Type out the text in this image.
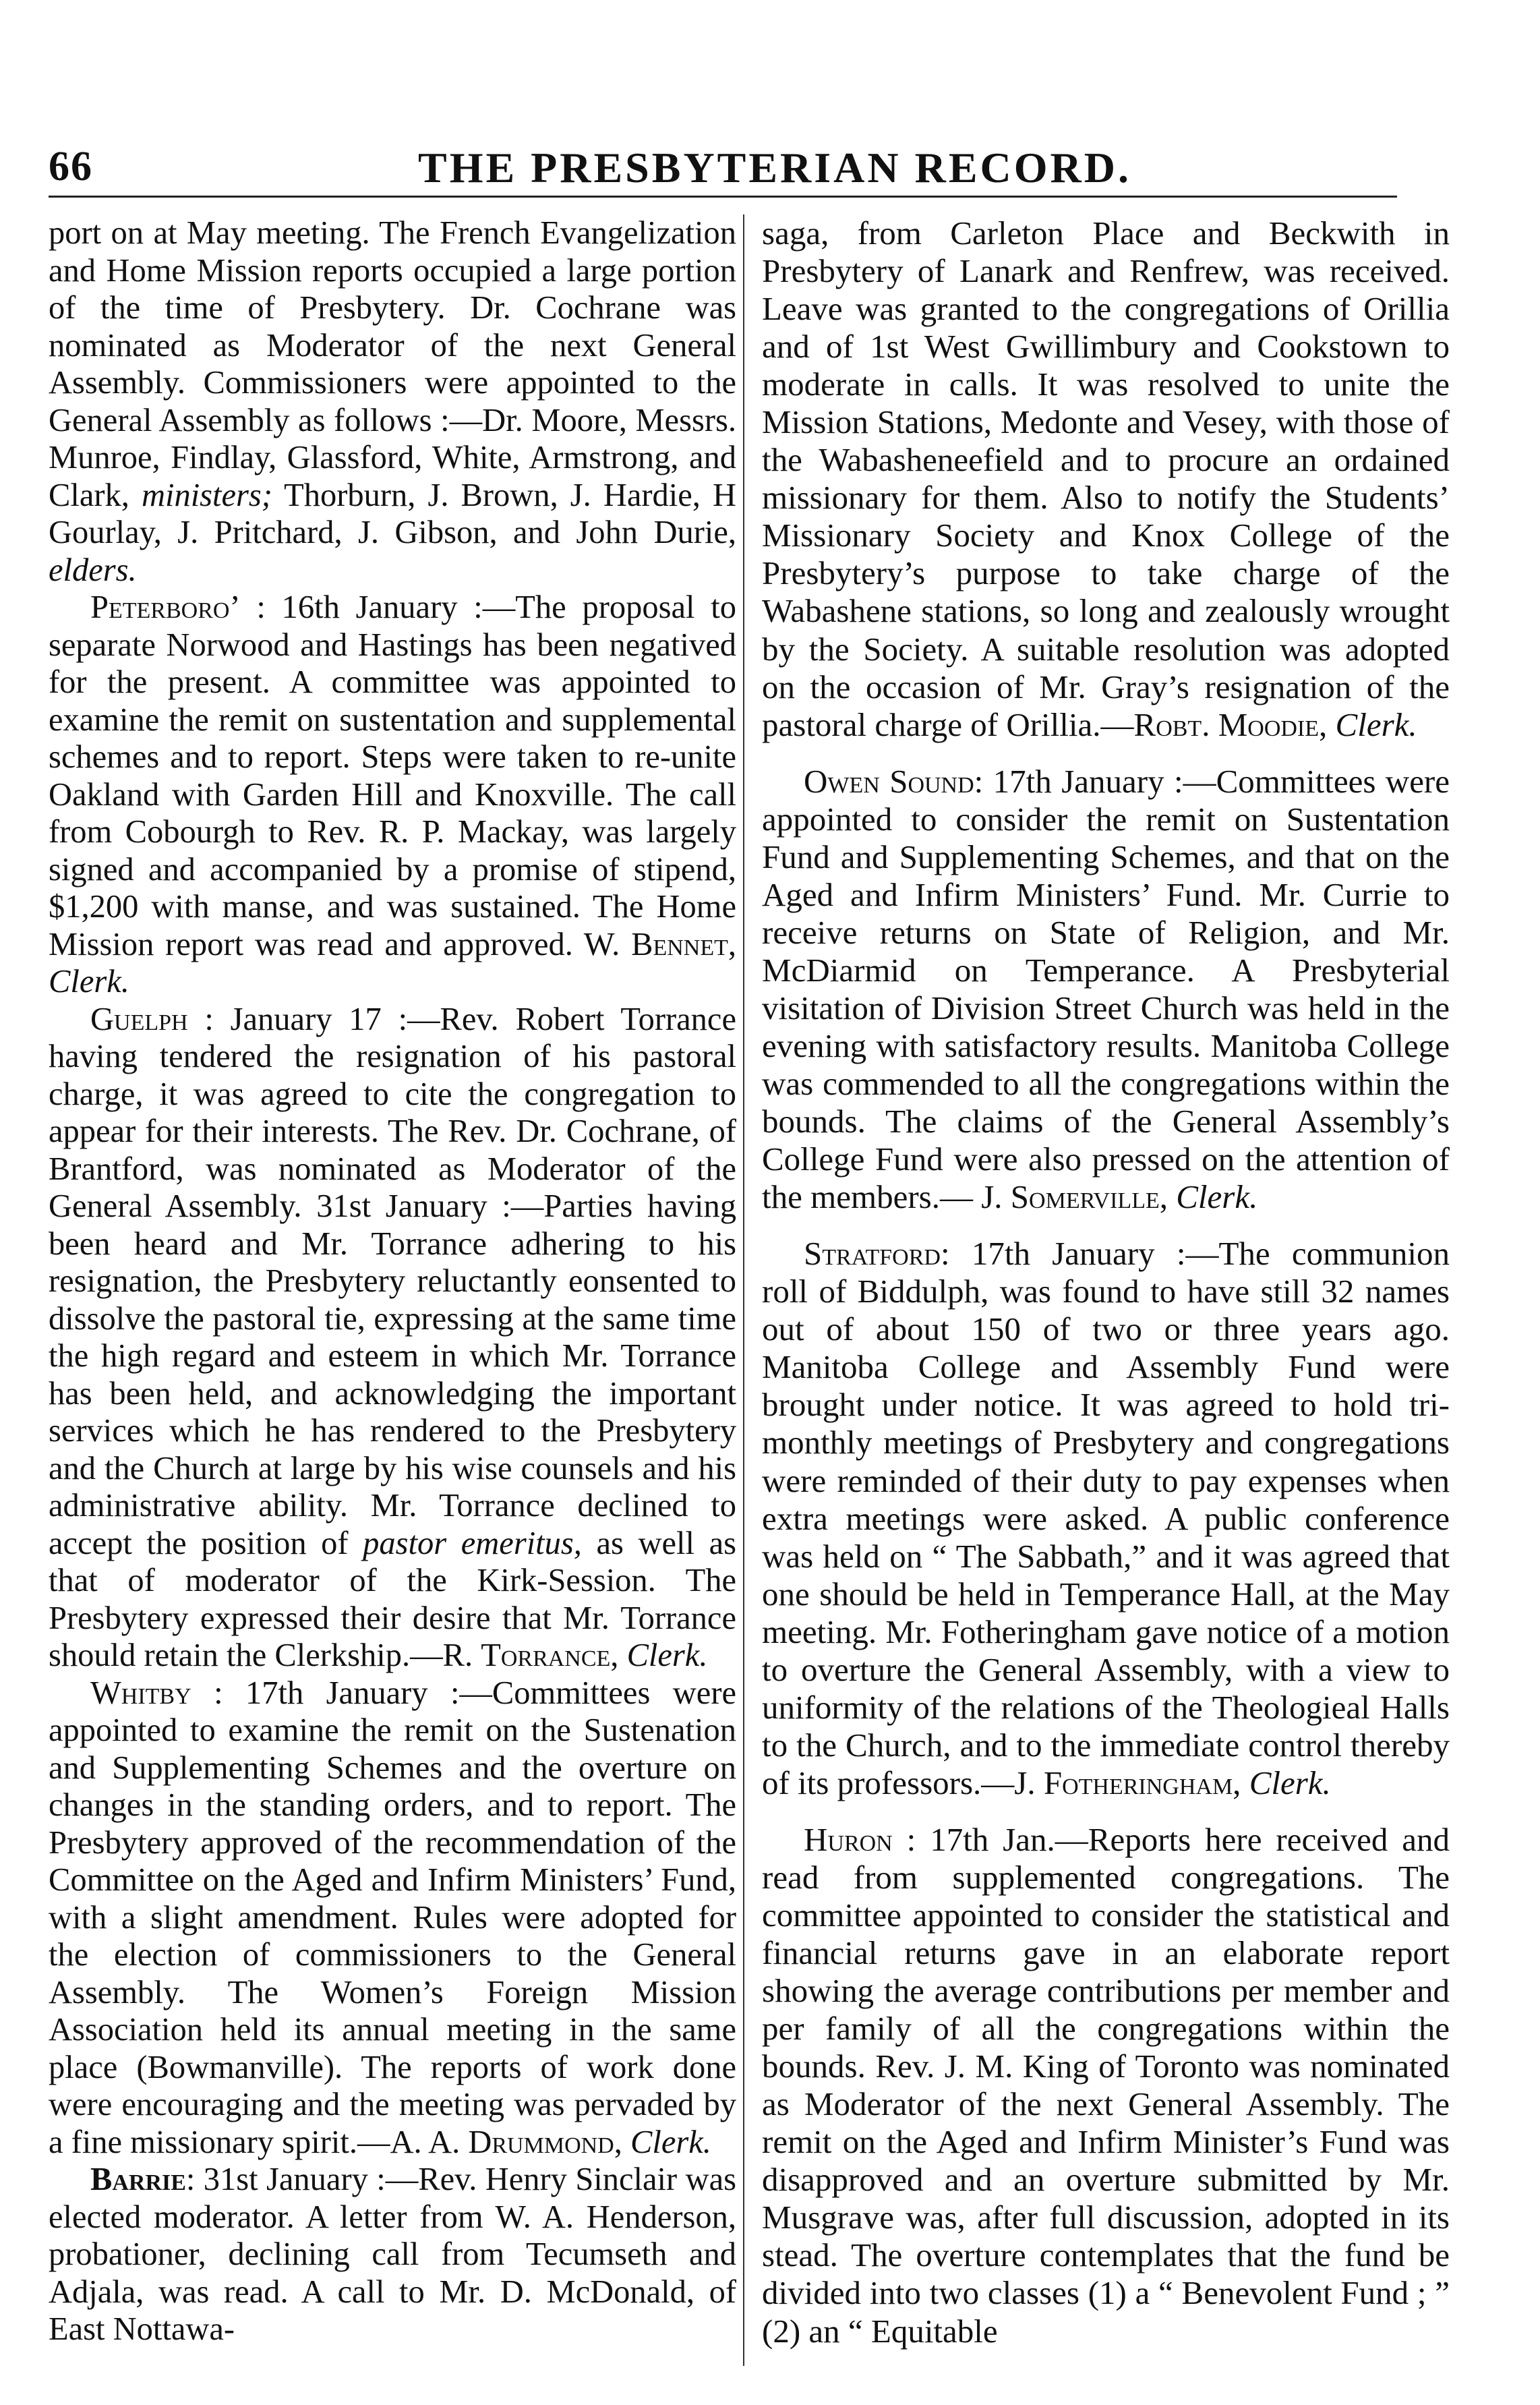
66	THE PRESBYTERIAN RECORD.

port on at May meeting. The French Evangelization and Home Mission reports occupied a large portion of the time of Presbytery. Dr. Cochrane was nominated as Moderator of the next General Assembly. Commissioners were appointed to the General Assembly as follows :—Dr. Moore, Messrs. Munroe, Findlay, Glassford, White, Armstrong, and Clark, ministers; Thorburn, J. Brown, J. Hardie, H Gourlay, J. Pritchard, J. Gibson, and John Durie, elders.

Peterboro’ : 16th January :—The proposal to separate Norwood and Hastings has been negatived for the present. A committee was appointed to examine the remit on sustentation and supplemental schemes and to report. Steps were taken to re-unite Oakland with Garden Hill and Knoxville. The call from Cobourgh to Rev. R. P. Mackay, was largely signed and accompanied by a promise of stipend, $1,200 with manse, and was sustained. The Home Mission report was read and approved. W. Bennet, Clerk.

Guelph : January 17 :—Rev. Robert Torrance having tendered the resignation of his pastoral charge, it was agreed to cite the congregation to appear for their interests. The Rev. Dr. Cochrane, of Brantford, was nominated as Moderator of the General Assembly. 31st January :—Parties having been heard and Mr. Torrance adhering to his resignation, the Presbytery reluctantly eonsented to dissolve the pastoral tie, expressing at the same time the high regard and esteem in which Mr. Torrance has been held, and acknowledging the important services which he has rendered to the Presbytery and the Church at large by his wise counsels and his administrative ability. Mr. Torrance declined to accept the position of pastor emeritus, as well as that of moderator of the Kirk-Session. The Presbytery expressed their desire that Mr. Torrance should retain the Clerkship.—R. Torrance, Clerk.

Whitby : 17th January :—Committees were appointed to examine the remit on the Sustenation and Supplementing Schemes and the overture on changes in the standing orders, and to report. The Presbytery approved of the recommendation of the Committee on the Aged and Infirm Ministers’ Fund, with a slight amendment. Rules were adopted for the election of commissioners to the General Assembly. The Women’s Foreign Mission Association held its annual meeting in the same place (Bowmanville). The reports of work done were encouraging and the meeting was pervaded by a fine missionary spirit.—A. A. Drummond, Clerk.

Barrie: 31st January :—Rev. Henry Sinclair was elected moderator. A letter from W. A. Henderson, probationer, declining call from Tecumseth and Adjala, was read. A call to Mr. D. McDonald, of East Nottawa-

saga, from Carleton Place and Beckwith in Presbytery of Lanark and Renfrew, was received. Leave was granted to the congregations of Orillia and of 1st West Gwillimbury and Cookstown to moderate in calls. It was resolved to unite the Mission Stations, Medonte and Vesey, with those of the Wabasheneefield and to procure an ordained missionary for them. Also to notify the Students’ Missionary Society and Knox College of the Presbytery’s purpose to take charge of the Wabashene stations, so long and zealously wrought by the Society. A suitable resolution was adopted on the occasion of Mr. Gray’s resignation of the pastoral charge of Orillia.—Robt. Moodie, Clerk.

Owen Sound: 17th January :—Committees were appointed to consider the remit on Sustentation Fund and Supplementing Schemes, and that on the Aged and Infirm Ministers’ Fund. Mr. Currie to receive returns on State of Religion, and Mr. McDiarmid on Temperance. A Presbyterial visitation of Division Street Church was held in the evening with satisfactory results. Manitoba College was commended to all the congregations within the bounds. The claims of the General Assembly’s College Fund were also pressed on the attention of the members.— J. Somerville, Clerk.

Stratford: 17th January :—The communion roll of Biddulph, was found to have still 32 names out of about 150 of two or three years ago. Manitoba College and Assembly Fund were brought under notice. It was agreed to hold tri-monthly meetings of Presbytery and congregations were reminded of their duty to pay expenses when extra meetings were asked. A public conference was held on “ The Sabbath,” and it was agreed that one should be held in Temperance Hall, at the May meeting. Mr. Fotheringham gave notice of a motion to overture the General Assembly, with a view to uniformity of the relations of the Theologieal Halls to the Church, and to the immediate control thereby of its professors.—J. Fotheringham, Clerk.

Huron : 17th Jan.—Reports here received and read from supplemented congregations. The committee appointed to consider the statistical and financial returns gave in an elaborate report showing the average contributions per member and per family of all the congregations within the bounds. Rev. J. M. King of Toronto was nominated as Moderator of the next General Assembly. The remit on the Aged and Infirm Minister’s Fund was disapproved and an overture submitted by Mr. Musgrave was, after full discussion, adopted in its stead. The overture contemplates that the fund be divided into two classes (1) a “ Benevolent Fund ; ” (2) an “ Equitable
